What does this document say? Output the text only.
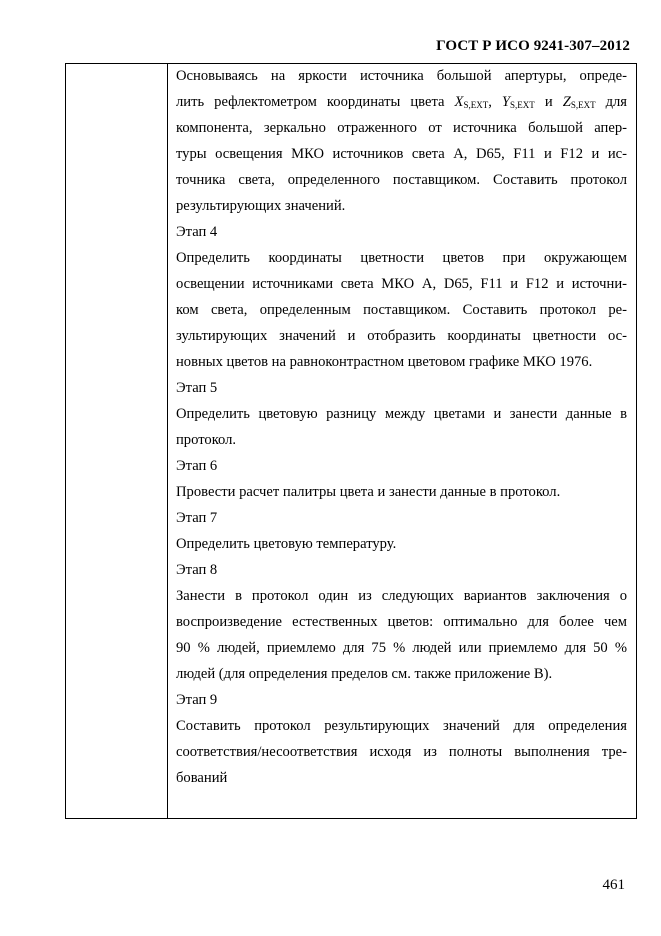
ГОСТ Р ИСО 9241-307–2012
Основываясь на яркости источника большой апертуры, опреде-
лить рефлектометром координаты цвета $X_{S,EXT}$, $Y_{S,EXT}$ и $Z_{S,EXT}$ для
компонента, зеркально отраженного от источника большой апер-
туры освещения МКО источников света А, D65, F11 и F12 и ис-
точника света, определенного поставщиком. Составить протокол
результирующих значений.
Этап 4
Определить координаты цветности цветов при окружающем
освещении источниками света МКО А, D65, F11 и F12 и источни-
ком света, определенным поставщиком. Составить протокол ре-
зультирующих значений и отобразить координаты цветности ос-
новных цветов на равноконтрастном цветовом графике МКО 1976.
Этап 5
Определить цветовую разницу между цветами и занести данные в
протокол.
Этап 6
Провести расчет палитры цвета и занести данные в протокол.
Этап 7
Определить цветовую температуру.
Этап 8
Занести в протокол один из следующих вариантов заключения о
воспроизведение естественных цветов: оптимально для более чем
90 % людей, приемлемо для 75 % людей или приемлемо для 50 %
людей (для определения пределов см. также приложение В).
Этап 9
Составить протокол результирующих значений для определения
соответствия/несоответствия исходя из полноты выполнения тре-
бований
461
